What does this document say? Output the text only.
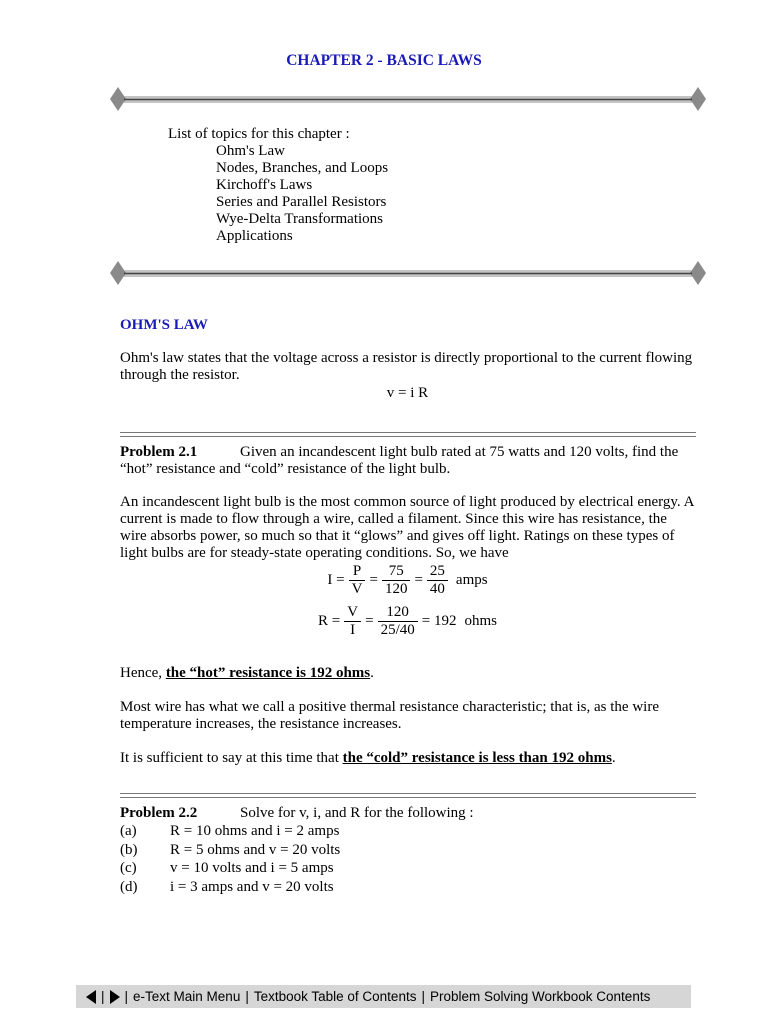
CHAPTER 2 - BASIC LAWS
List of topics for this chapter :
Ohm's Law
Nodes, Branches, and Loops
Kirchoff's Laws
Series and Parallel Resistors
Wye-Delta Transformations
Applications
OHM'S LAW
Ohm's law states that the voltage across a resistor is directly proportional to the current flowing through the resistor.
v = i R
Problem 2.1	Given an incandescent light bulb rated at 75 watts and 120 volts, find the “hot” resistance and “cold” resistance of the light bulb.
An incandescent light bulb is the most common source of light produced by electrical energy. A current is made to flow through a wire, called a filament. Since this wire has resistance, the wire absorbs power, so much so that it “glows” and gives off light. Ratings on these types of light bulbs are for steady-state operating conditions. So, we have
$I = \frac{P}{V} = \frac{75}{120} = \frac{25}{40}$ amps
$R = \frac{V}{I} = \frac{120}{25/40} = 192$ ohms
Hence, the “hot” resistance is 192 ohms.
Most wire has what we call a positive thermal resistance characteristic; that is, as the wire temperature increases, the resistance increases.
It is sufficient to say at this time that the “cold” resistance is less than 192 ohms.
Problem 2.2	Solve for v, i, and R for the following :
(a) R = 10 ohms and i = 2 amps
(b) R = 5 ohms and v = 20 volts
(c) v = 10 volts and i = 5 amps
(d) i = 3 amps and v = 20 volts
| | e-Text Main Menu | Textbook Table of Contents | Problem Solving Workbook Contents
